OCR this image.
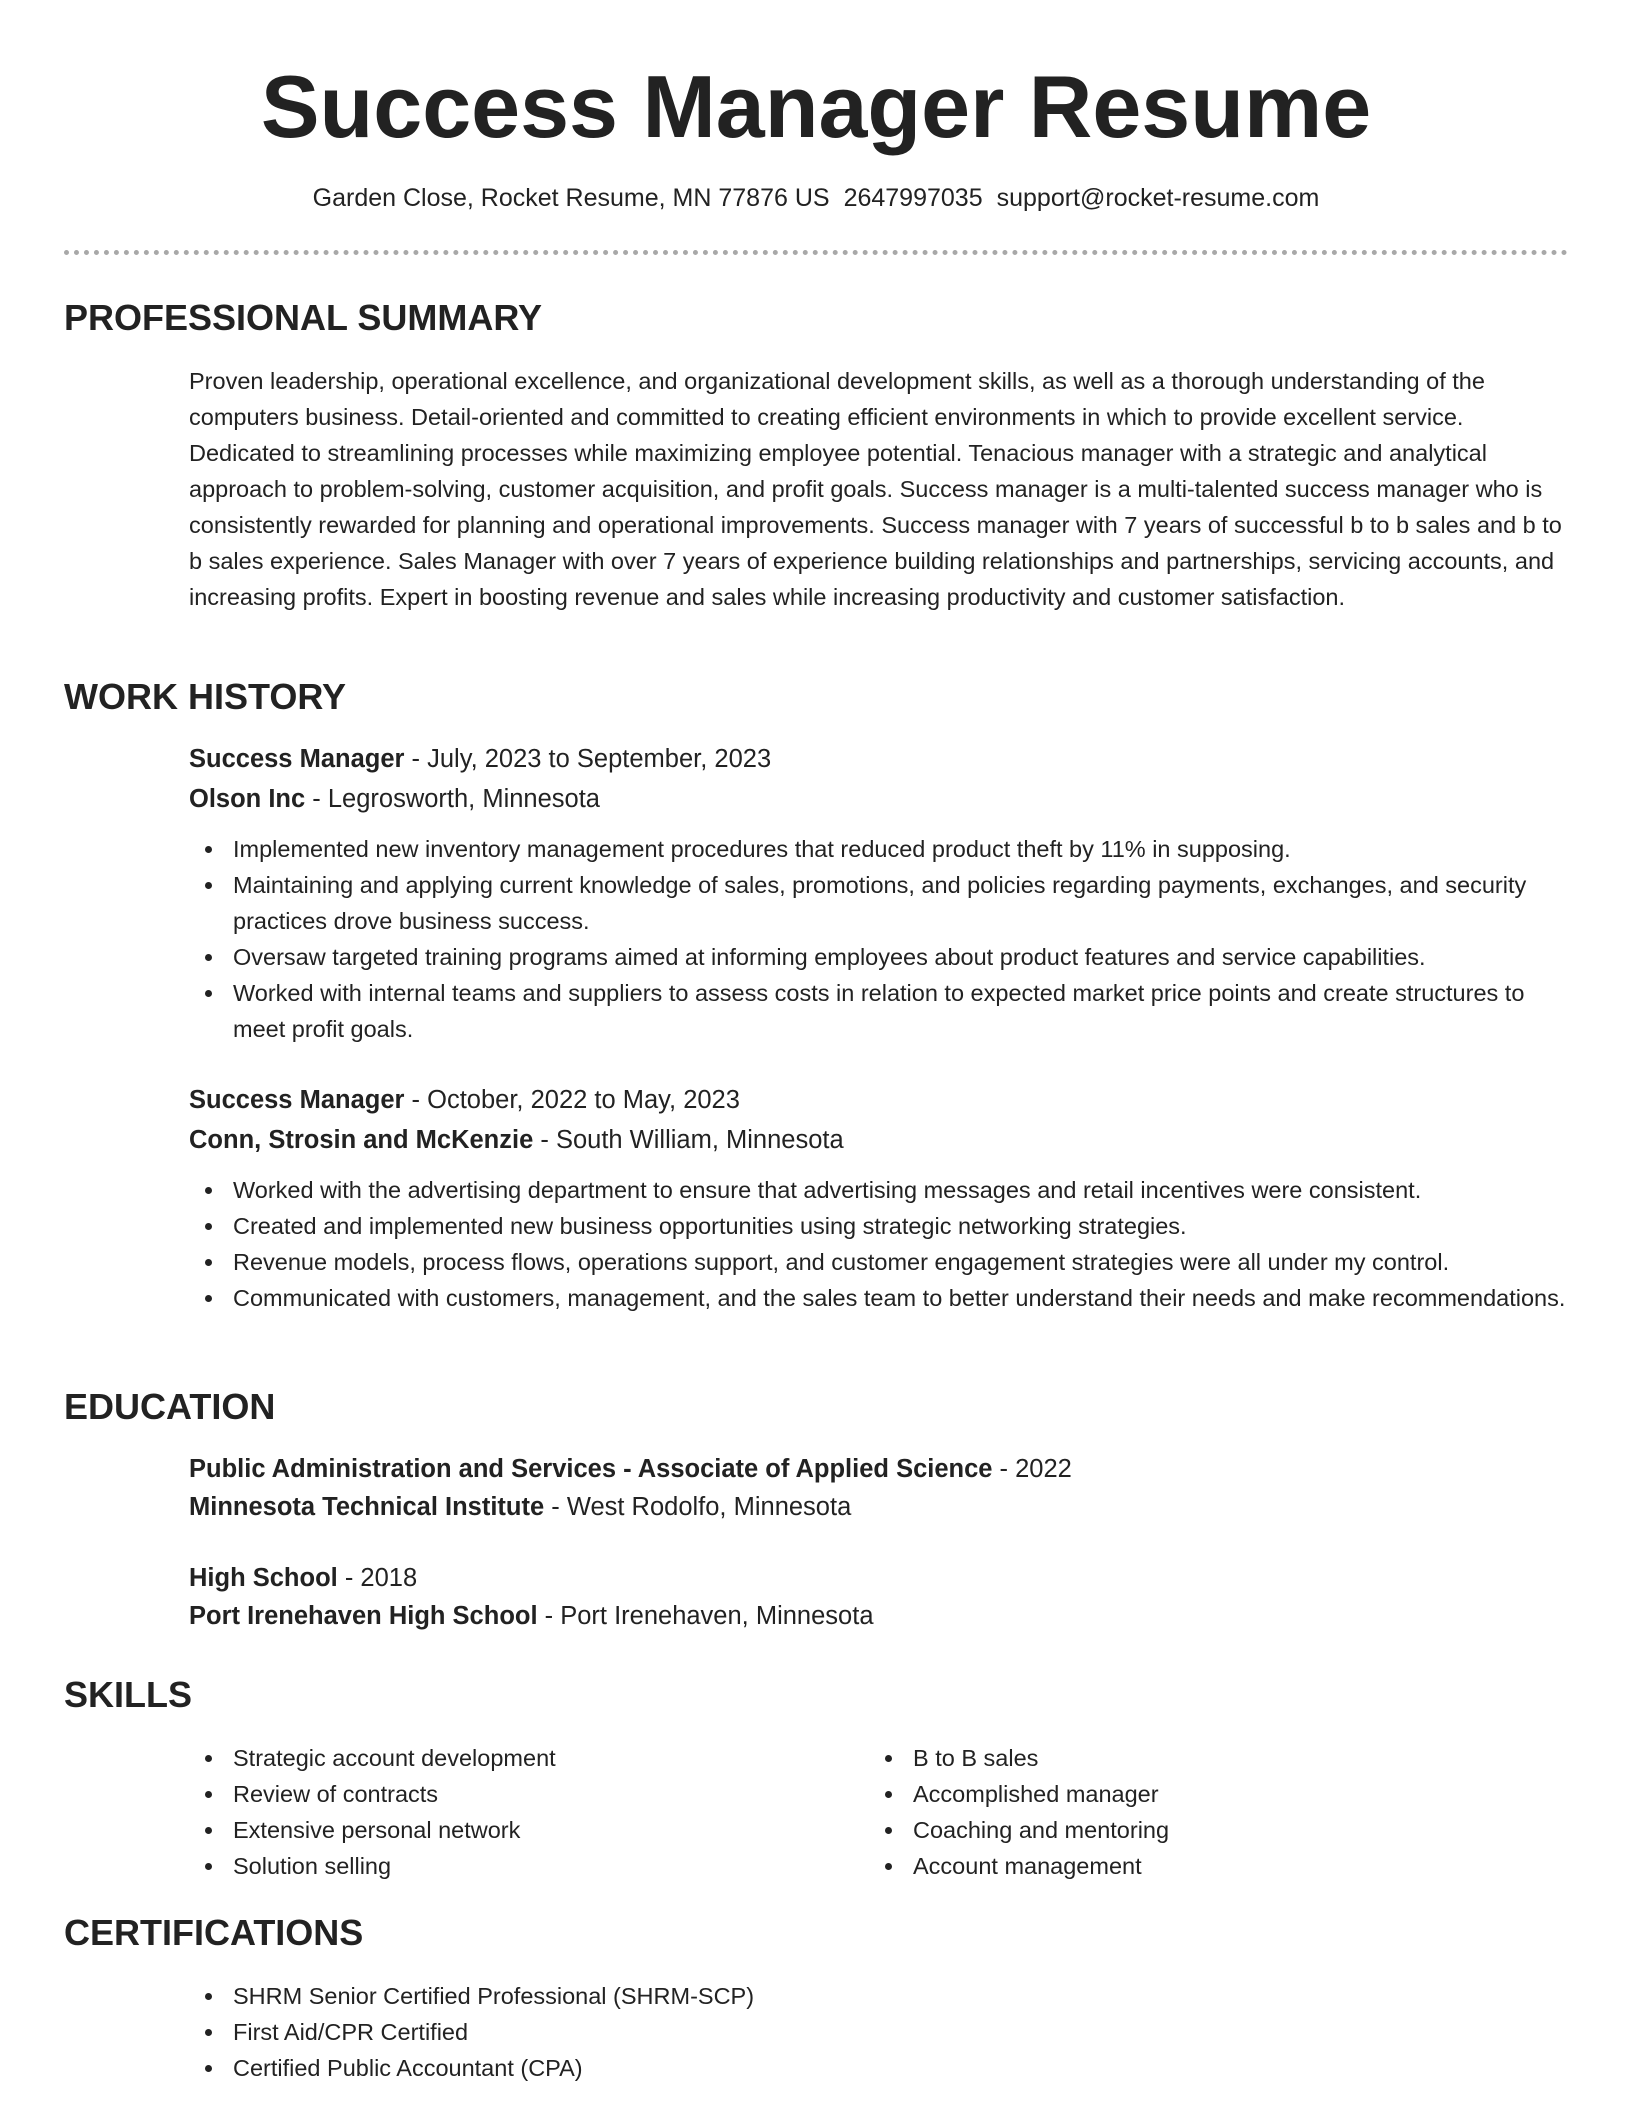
Success Manager Resume
Garden Close, Rocket Resume, MN 77876 US 2647997035 support@rocket-resume.com
PROFESSIONAL SUMMARY
Proven leadership, operational excellence, and organizational development skills, as well as a thorough understanding of the computers business. Detail-oriented and committed to creating efficient environments in which to provide excellent service. Dedicated to streamlining processes while maximizing employee potential. Tenacious manager with a strategic and analytical approach to problem-solving, customer acquisition, and profit goals. Success manager is a multi-talented success manager who is consistently rewarded for planning and operational improvements. Success manager with 7 years of successful b to b sales and b to b sales experience. Sales Manager with over 7 years of experience building relationships and partnerships, servicing accounts, and increasing profits. Expert in boosting revenue and sales while increasing productivity and customer satisfaction.
WORK HISTORY
Success Manager - July, 2023 to September, 2023
Olson Inc - Legrosworth, Minnesota
Implemented new inventory management procedures that reduced product theft by 11% in supposing.
Maintaining and applying current knowledge of sales, promotions, and policies regarding payments, exchanges, and security practices drove business success.
Oversaw targeted training programs aimed at informing employees about product features and service capabilities.
Worked with internal teams and suppliers to assess costs in relation to expected market price points and create structures to meet profit goals.
Success Manager - October, 2022 to May, 2023
Conn, Strosin and McKenzie - South William, Minnesota
Worked with the advertising department to ensure that advertising messages and retail incentives were consistent.
Created and implemented new business opportunities using strategic networking strategies.
Revenue models, process flows, operations support, and customer engagement strategies were all under my control.
Communicated with customers, management, and the sales team to better understand their needs and make recommendations.
EDUCATION
Public Administration and Services - Associate of Applied Science - 2022
Minnesota Technical Institute - West Rodolfo, Minnesota
High School - 2018
Port Irenehaven High School - Port Irenehaven, Minnesota
SKILLS
Strategic account development
Review of contracts
Extensive personal network
Solution selling
B to B sales
Accomplished manager
Coaching and mentoring
Account management
CERTIFICATIONS
SHRM Senior Certified Professional (SHRM-SCP)
First Aid/CPR Certified
Certified Public Accountant (CPA)
